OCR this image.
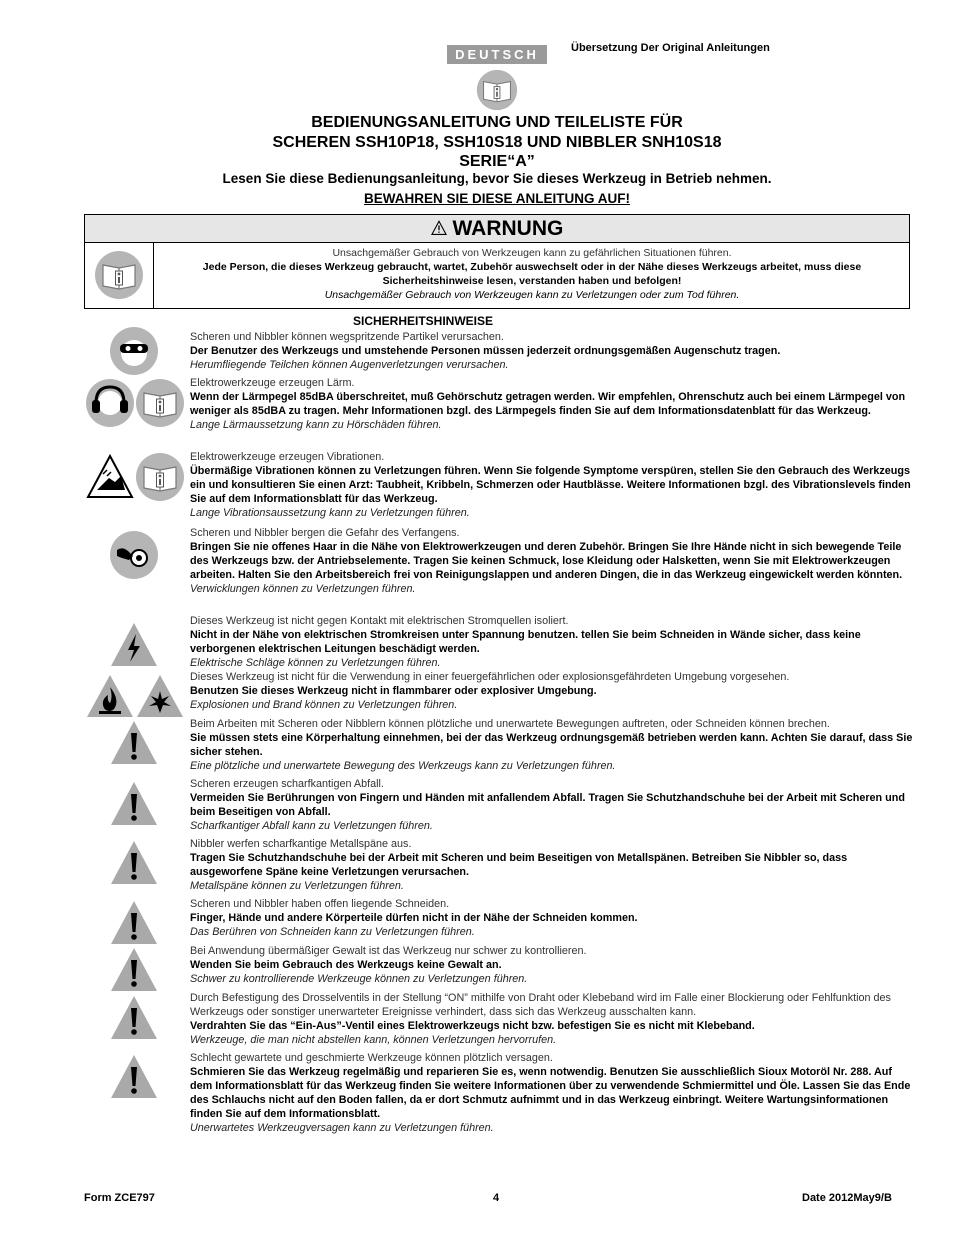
DEUTSCH	Übersetzung Der Original Anleitungen
BEDIENUNGSANLEITUNG UND TEILELISTE FÜR
SCHEREN SSH10P18, SSH10S18 UND NIBBLER SNH10S18
SERIE“A”
Lesen Sie diese Bedienungsanleitung, bevor Sie dieses Werkzeug in Betrieb nehmen.
BEWAHREN SIE DIESE ANLEITUNG AUF!
WARNUNG
Unsachgemäßer Gebrauch von Werkzeugen kann zu gefährlichen Situationen führen.
Jede Person, die dieses Werkzeug gebraucht, wartet, Zubehör auswechselt oder in der Nähe dieses Werkzeugs arbeitet, muss diese Sicherheitshinweise lesen, verstanden haben und befolgen!
Unsachgemäßer Gebrauch von Werkzeugen kann zu Verletzungen oder zum Tod führen.
SICHERHEITSHINWEISE
Scheren und Nibbler können wegspritzende Partikel verursachen.
Der Benutzer des Werkzeugs und umstehende Personen müssen jederzeit ordnungsgemäßen Augenschutz tragen.
Herumfliegende Teilchen können Augenverletzungen verursachen.
Elektrowerkzeuge erzeugen Lärm.
Wenn der Lärmpegel 85dBA überschreitet, muß Gehörschutz getragen werden. Wir empfehlen, Ohrenschutz auch bei einem Lärmpegel von weniger als 85dBA zu tragen. Mehr Informationen bzgl. des Lärmpegels finden Sie auf dem Informationsdatenblatt für das Werkzeug.
Lange Lärmaussetzung kann zu Hörschäden führen.
Elektrowerkzeuge erzeugen Vibrationen.
Übermäßige Vibrationen können zu Verletzungen führen. Wenn Sie folgende Symptome verspüren, stellen Sie den Gebrauch des Werkzeugs ein und konsultieren Sie einen Arzt: Taubheit, Kribbeln, Schmerzen oder Hautblässe. Weitere Informationen bzgl. des Vibrationslevels finden Sie auf dem Informationsblatt für das Werkzeug.
Lange Vibrationsaussetzung kann zu Verletzungen führen.
Scheren und Nibbler bergen die Gefahr des Verfangens.
Bringen Sie nie offenes Haar in die Nähe von Elektrowerkzeugen und deren Zubehör. Bringen Sie Ihre Hände nicht in sich bewegende Teile des Werkzeugs bzw. der Antriebselemente. Tragen Sie keinen Schmuck, lose Kleidung oder Halsketten, wenn Sie mit Elektrowerkzeugen arbeiten. Halten Sie den Arbeitsbereich frei von Reinigungslappen und anderen Dingen, die in das Werkzeug eingewickelt werden könnten.
Verwicklungen können zu Verletzungen führen.
Dieses Werkzeug ist nicht gegen Kontakt mit elektrischen Stromquellen isoliert.
Nicht in der Nähe von elektrischen Stromkreisen unter Spannung benutzen. tellen Sie beim Schneiden in Wände sicher, dass keine verborgenen elektrischen Leitungen beschädigt werden.
Elektrische Schläge können zu Verletzungen führen.
Dieses Werkzeug ist nicht für die Verwendung in einer feuergefährlichen oder explosionsgefährdeten Umgebung vorgesehen.
Benutzen Sie dieses Werkzeug nicht in flammbarer oder explosiver Umgebung.
Explosionen und Brand können zu Verletzungen führen.
Beim Arbeiten mit Scheren oder Nibblern können plötzliche und unerwartete Bewegungen auftreten, oder Schneiden können brechen.
Sie müssen stets eine Körperhaltung einnehmen, bei der das Werkzeug ordnungsgemäß betrieben werden kann. Achten Sie darauf, dass Sie sicher stehen.
Eine plötzliche und unerwartete Bewegung des Werkzeugs kann zu Verletzungen führen.
Scheren erzeugen scharfkantigen Abfall.
Vermeiden Sie Berührungen von Fingern und Händen mit anfallendem Abfall. Tragen Sie Schutzhandschuhe bei der Arbeit mit Scheren und beim Beseitigen von Abfall.
Scharfkantiger Abfall kann zu Verletzungen führen.
Nibbler werfen scharfkantige Metallspäne aus.
Tragen Sie Schutzhandschuhe bei der Arbeit mit Scheren und beim Beseitigen von Metallspänen. Betreiben Sie Nibbler so, dass ausgeworfene Späne keine Verletzungen verursachen.
Metallspäne können zu Verletzungen führen.
Scheren und Nibbler haben offen liegende Schneiden.
Finger, Hände und andere Körperteile dürfen nicht in der Nähe der Schneiden kommen.
Das Berühren von Schneiden kann zu Verletzungen führen.
Bei Anwendung übermäßiger Gewalt ist das Werkzeug nur schwer zu kontrollieren.
Wenden Sie beim Gebrauch des Werkzeugs keine Gewalt an.
Schwer zu kontrollierende Werkzeuge können zu Verletzungen führen.
Durch Befestigung des Drosselventils in der Stellung “ON” mithilfe von Draht oder Klebeband wird im Falle einer Blockierung oder Fehlfunktion des Werkzeugs oder sonstiger unerwarteter Ereignisse verhindert, dass sich das Werkzeug ausschalten kann.
Verdrahten Sie das “Ein-Aus”-Ventil eines Elektrowerkzeugs nicht bzw. befestigen Sie es nicht mit Klebeband.
Werkzeuge, die man nicht abstellen kann, können Verletzungen hervorrufen.
Schlecht gewartete und geschmierte Werkzeuge können plötzlich versagen.
Schmieren Sie das Werkzeug regelmäßig und reparieren Sie es, wenn notwendig. Benutzen Sie ausschließlich Sioux Motoröl Nr. 288. Auf dem Informationsblatt für das Werkzeug finden Sie weitere Informationen über zu verwendende Schmiermittel und Öle. Lassen Sie das Ende des Schlauchs nicht auf den Boden fallen, da er dort Schmutz aufnimmt und in das Werkzeug einbringt. Weitere Wartungsinformationen finden Sie auf dem Informationsblatt.
Unerwartetes Werkzeugversagen kann zu Verletzungen führen.
Form ZCE797	4	Date 2012May9/B
